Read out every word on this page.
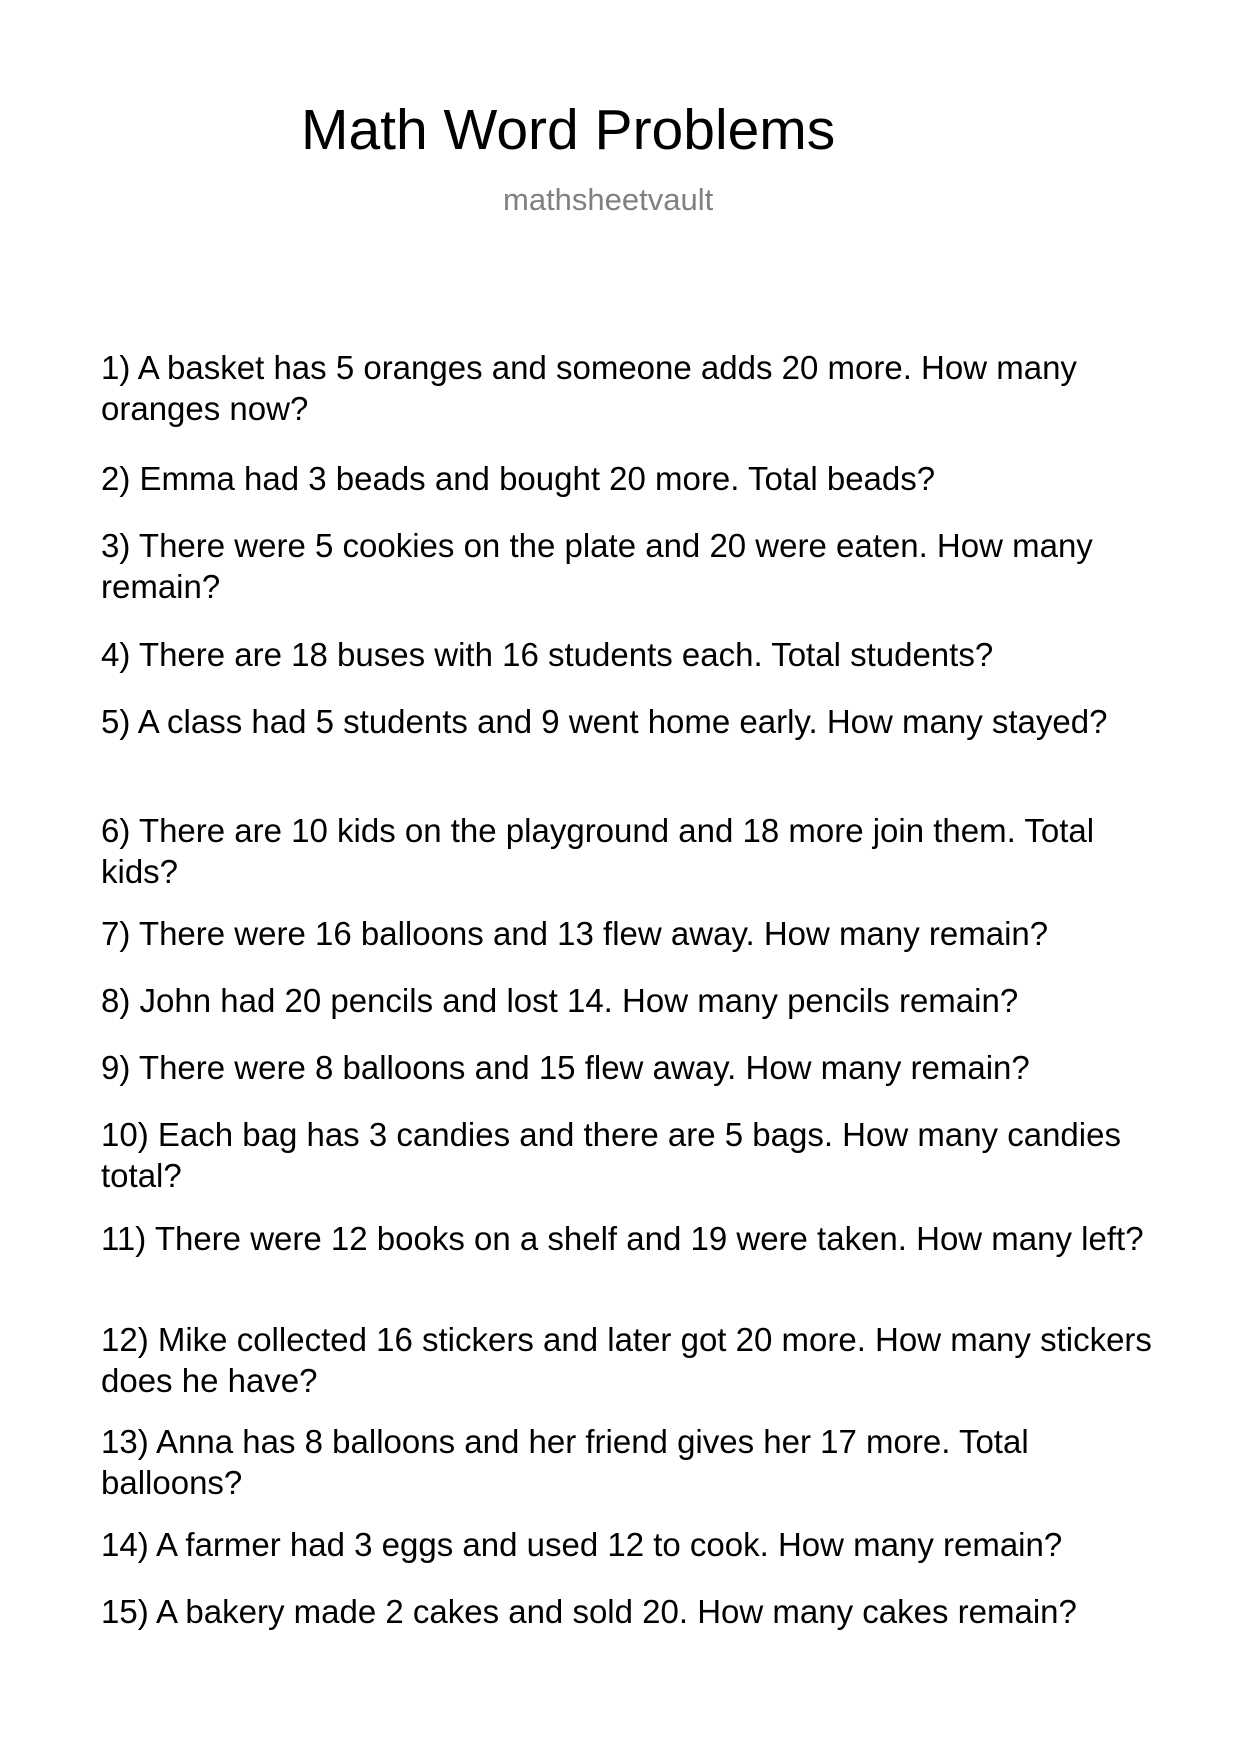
Math Word Problems
mathsheetvault

1) A basket has 5 oranges and someone adds 20 more. How many oranges now?

2) Emma had 3 beads and bought 20 more. Total beads?

3) There were 5 cookies on the plate and 20 were eaten. How many remain?

4) There are 18 buses with 16 students each. Total students?

5) A class had 5 students and 9 went home early. How many stayed?

6) There are 10 kids on the playground and 18 more join them. Total kids?

7) There were 16 balloons and 13 flew away. How many remain?

8) John had 20 pencils and lost 14. How many pencils remain?

9) There were 8 balloons and 15 flew away. How many remain?

10) Each bag has 3 candies and there are 5 bags. How many candies total?

11) There were 12 books on a shelf and 19 were taken. How many left?

12) Mike collected 16 stickers and later got 20 more. How many stickers does he have?

13) Anna has 8 balloons and her friend gives her 17 more. Total balloons?

14) A farmer had 3 eggs and used 12 to cook. How many remain?

15) A bakery made 2 cakes and sold 20. How many cakes remain?
